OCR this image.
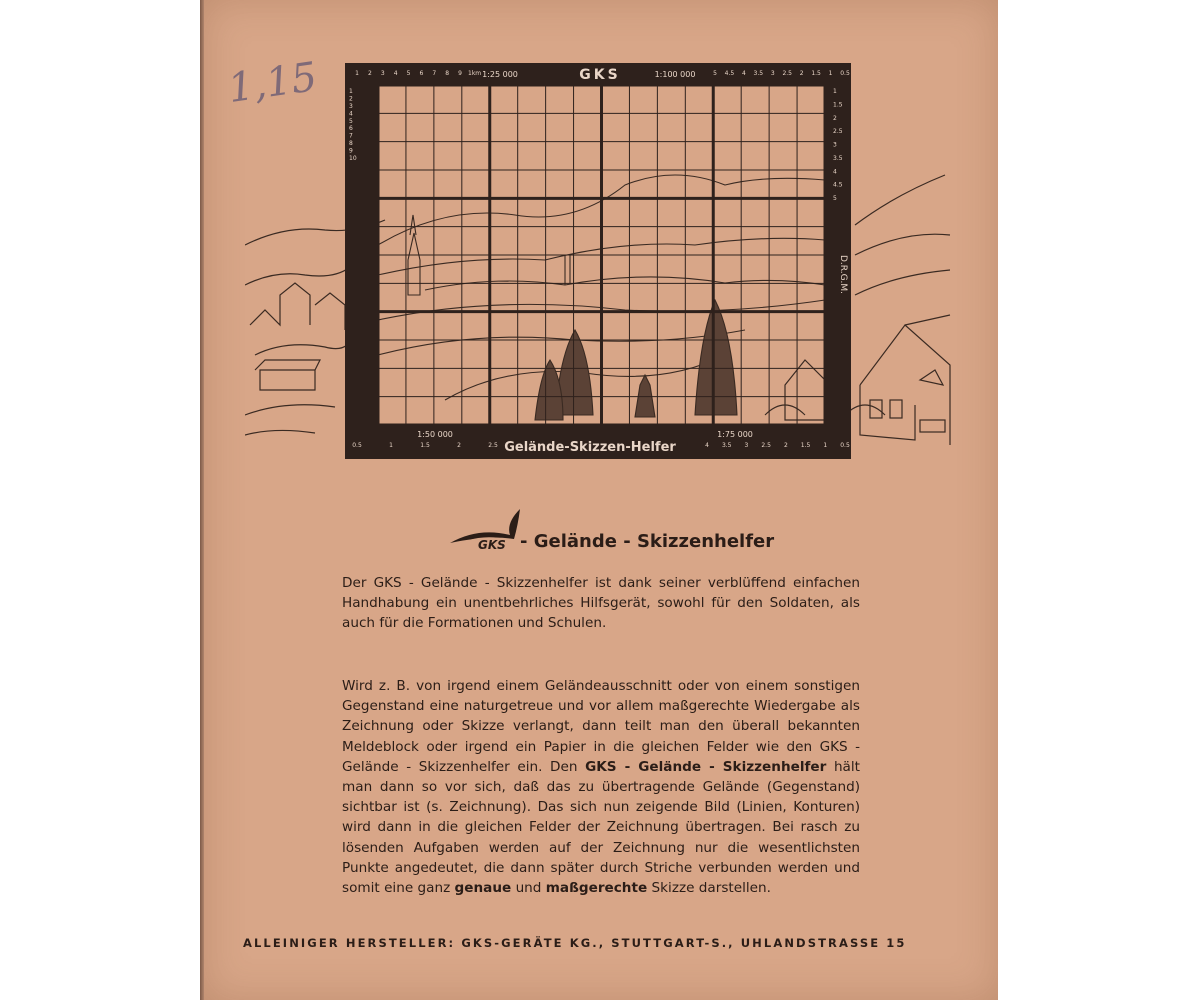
1,15	GKS
1:25 000	1:100 000
1:50 000	1:75 000
Gelände-Skizzen-Helfer
D.R.G.M.
1km
1 2 3 4 5 6 7 8 9	5 4.5 4 3.5 3 2.5 2 1.5 1 0.5
0.5	1	1.5	2	2.5	4 3.5 3 2.5 2 1.5 1 0.5
1
2
3
4
5
6
7
8
9
10
1
1.5
2
2.5
3
3.5
4
4.5
5
GKS - Gelände - Skizzenhelfer
Der GKS - Gelände - Skizzenhelfer ist dank seiner verblüffend einfachen Handhabung ein unentbehrliches Hilfsgerät, sowohl für den Soldaten, als auch für die Formationen und Schulen.
Wird z. B. von irgend einem Geländeausschnitt oder von einem sonstigen Gegenstand eine naturgetreue und vor allem maßgerechte Wiedergabe als Zeichnung oder Skizze verlangt, dann teilt man den überall bekannten Meldeblock oder irgend ein Papier in die gleichen Felder wie den GKS - Gelände - Skizzenhelfer ein. Den GKS - Gelände - Skizzenhelfer hält man dann so vor sich, daß das zu übertragende Gelände (Gegenstand) sichtbar ist (s. Zeichnung). Das sich nun zeigende Bild (Linien, Konturen) wird dann in die gleichen Felder der Zeichnung übertragen. Bei rasch zu lösenden Aufgaben werden auf der Zeichnung nur die wesentlichsten Punkte angedeutet, die dann später durch Striche verbunden werden und somit eine ganz genaue und maßgerechte Skizze darstellen.
ALLEINIGER HERSTELLER: GKS-GERÄTE KG., STUTTGART-S., UHLANDSTRASSE 15
